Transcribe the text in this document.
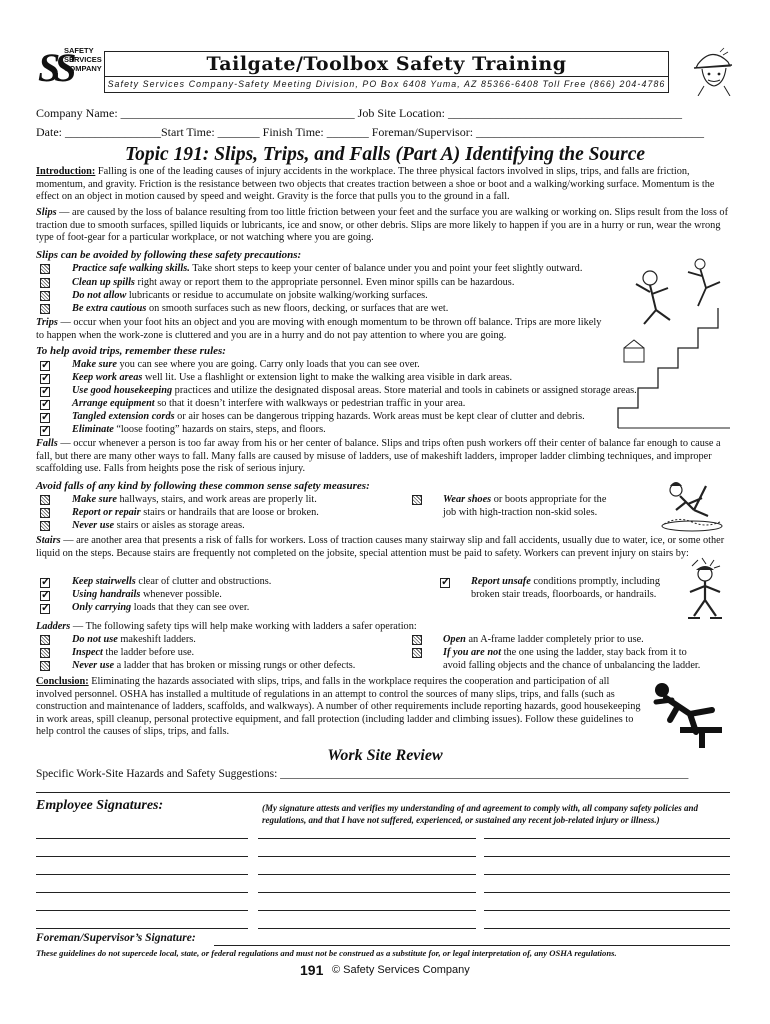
SS
SAFETY
SERVICES
COMPANY	Tailgate/Toolbox Safety Training
Safety Services Company-Safety Meeting Division, PO Box 6408 Yuma, AZ 85366-6408 Toll Free (866) 204-4786
Company Name: _______________________________________ Job Site Location: _______________________________________
Date: ________________Start Time: _______ Finish Time: _______ Foreman/Supervisor: ______________________________________
Topic 191: Slips, Trips, and Falls (Part A) Identifying the Source
Introduction: Falling is one of the leading causes of injury accidents in the workplace. The three physical factors involved in slips, trips, and falls are friction, momentum, and gravity. Friction is the resistance between two objects that creates traction between a shoe or boot and a walking/working surface. Momentum is the effect on an object in motion caused by speed and weight. Gravity is the force that pulls you to the ground in a fall.
Slips — are caused by the loss of balance resulting from too little friction between your feet and the surface you are walking or working on. Slips result from the loss of traction due to smooth surfaces, spilled liquids or lubricants, ice and snow, or other debris. Slips are more likely to happen if you are in a hurry or run, wear the wrong type of foot-gear for a particular workplace, or not watching where you are going.
Slips can be avoided by following these safety precautions:
Practice safe walking skills. Take short steps to keep your center of balance under you and point your feet slightly outward.
Clean up spills right away or report them to the appropriate personnel. Even minor spills can be hazardous.
Do not allow lubricants or residue to accumulate on jobsite walking/working surfaces.
Be extra cautious on smooth surfaces such as new floors, decking, or surfaces that are wet.
Trips — occur when your foot hits an object and you are moving with enough momentum to be thrown off balance. Trips are more likely to happen when the work-zone is cluttered and you are in a hurry and do not pay attention to where you are going.
To help avoid trips, remember these rules:
✓
Make sure you can see where you are going. Carry only loads that you can see over.
✓
Keep work areas well lit. Use a flashlight or extension light to make the walking area visible in dark areas.
✓
Use good housekeeping practices and utilize the designated disposal areas. Store material and tools in cabinets or assigned storage areas.
✓
Arrange equipment so that it doesn’t interfere with walkways or pedestrian traffic in your area.
✓
Tangled extension cords or air hoses can be dangerous tripping hazards. Work areas must be kept clear of clutter and debris.
✓
Eliminate “loose footing” hazards on stairs, steps, and floors.
Falls — occur whenever a person is too far away from his or her center of balance. Slips and trips often push workers off their center of balance far enough to cause a fall, but there are many other ways to fall. Many falls are caused by misuse of ladders, use of makeshift ladders, improper ladder climbing techniques, and improper scaffolding use. Falls from heights pose the risk of serious injury.
Avoid falls of any kind by following these common sense safety measures:
Make sure hallways, stairs, and work areas are properly lit.
Report or repair stairs or handrails that are loose or broken.
Never use stairs or aisles as storage areas.
Wear shoes or boots appropriate for the
job with high-traction non-skid soles.
Stairs — are another area that presents a risk of falls for workers. Loss of traction causes many stairway slip and fall accidents, usually due to water, ice, or some other liquid on the steps. Because stairs are frequently not completed on the jobsite, special attention must be paid to safety. Workers can prevent injury on stairs by:
✓
Keep stairwells clear of clutter and obstructions.
✓
Using handrails whenever possible.
✓
Only carrying loads that they can see over.
✓
Report unsafe conditions promptly, including
broken stair treads, floorboards, or handrails.
Ladders — The following safety tips will help make working with ladders a safer operation:
Do not use makeshift ladders.
Inspect the ladder before use.
Never use a ladder that has broken or missing rungs or other defects.
Open an A-frame ladder completely prior to use.
If you are not the one using the ladder, stay back from it to
avoid falling objects and the chance of unbalancing the ladder.
Conclusion: Eliminating the hazards associated with slips, trips, and falls in the workplace requires the cooperation and participation of all involved personnel. OSHA has installed a multitude of regulations in an attempt to control the sources of many slips, trips, and falls (such as construction and maintenance of ladders, scaffolds, and walkways). A number of other requirements include reporting hazards, good housekeeping in work areas, spill cleanup, personal protective equipment, and fall protection (including ladder and climbing issues). Follow these guidelines to help control the causes of slips, trips, and falls.
Work Site Review
Specific Work-Site Hazards and Safety Suggestions: _______________________________________________________________________
Employee Signatures:	(My signature attests and verifies my understanding of and agreement to comply with, all company safety policies and regulations, and that I have not suffered, experienced, or sustained any recent job-related injury or illness.)
Foreman/Supervisor’s Signature:
These guidelines do not supercede local, state, or federal regulations and must not be construed as a substitute for, or legal interpretation of, any OSHA regulations.
191 © Safety Services Company
